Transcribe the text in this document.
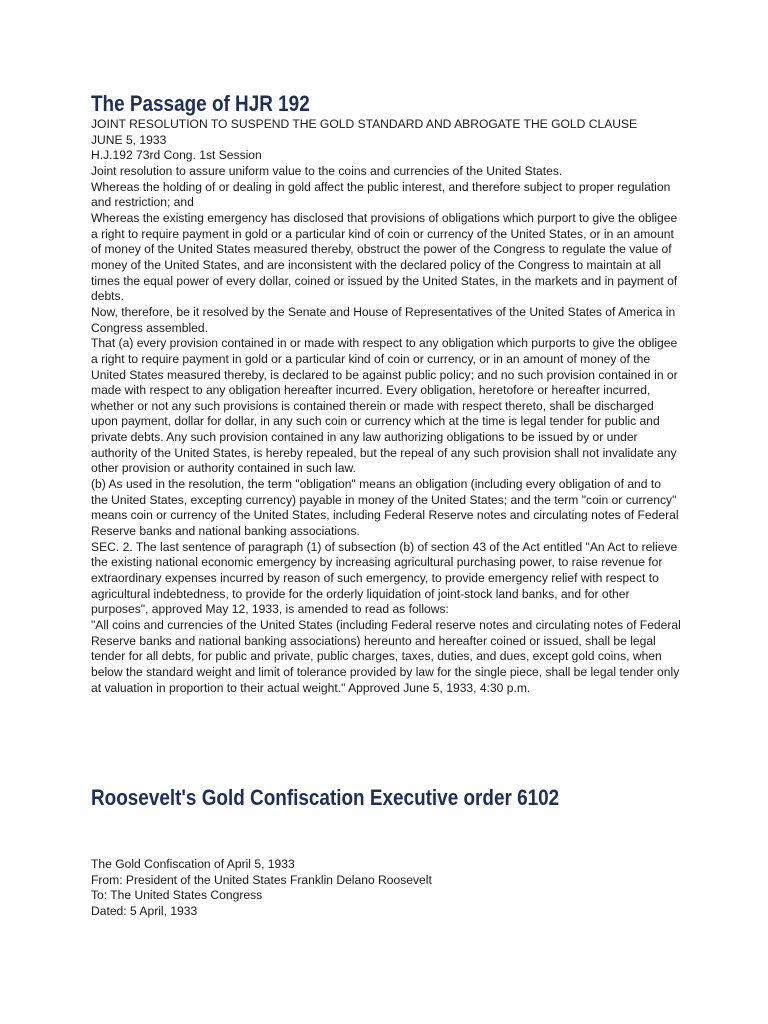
The Passage of HJR 192

JOINT RESOLUTION TO SUSPEND THE GOLD STANDARD AND ABROGATE THE GOLD CLAUSE

JUNE 5, 1933

H.J.192 73rd Cong. 1st Session

Joint resolution to assure uniform value to the coins and currencies of the United States.

Whereas the holding of or dealing in gold affect the public interest, and therefore subject to proper regulation and restriction; and

Whereas the existing emergency has disclosed that provisions of obligations which purport to give the obligee a right to require payment in gold or a particular kind of coin or currency of the United States, or in an amount of money of the United States measured thereby, obstruct the power of the Congress to regulate the value of money of the United States, and are inconsistent with the declared policy of the Congress to maintain at all times the equal power of every dollar, coined or issued by the United States, in the markets and in payment of debts.

Now, therefore, be it resolved by the Senate and House of Representatives of the United States of America in Congress assembled.

That (a) every provision contained in or made with respect to any obligation which purports to give the obligee a right to require payment in gold or a particular kind of coin or currency, or in an amount of money of the United States measured thereby, is declared to be against public policy; and no such provision contained in or made with respect to any obligation hereafter incurred. Every obligation, heretofore or hereafter incurred, whether or not any such provisions is contained therein or made with respect thereto, shall be discharged upon payment, dollar for dollar, in any such coin or currency which at the time is legal tender for public and private debts. Any such provision contained in any law authorizing obligations to be issued by or under authority of the United States, is hereby repealed, but the repeal of any such provision shall not invalidate any other provision or authority contained in such law.

(b) As used in the resolution, the term "obligation" means an obligation (including every obligation of and to the United States, excepting currency) payable in money of the United States; and the term "coin or currency" means coin or currency of the United States, including Federal Reserve notes and circulating notes of Federal Reserve banks and national banking associations.

SEC. 2. The last sentence of paragraph (1) of subsection (b) of section 43 of the Act entitled "An Act to relieve the existing national economic emergency by increasing agricultural purchasing power, to raise revenue for extraordinary expenses incurred by reason of such emergency, to provide emergency relief with respect to agricultural indebtedness, to provide for the orderly liquidation of joint-stock land banks, and for other purposes", approved May 12, 1933, is amended to read as follows:

"All coins and currencies of the United States (including Federal reserve notes and circulating notes of Federal Reserve banks and national banking associations) hereunto and hereafter coined or issued, shall be legal tender for all debts, for public and private, public charges, taxes, duties, and dues, except gold coins, when below the standard weight and limit of tolerance provided by law for the single piece, shall be legal tender only at valuation in proportion to their actual weight." Approved June 5, 1933, 4:30 p.m.

Roosevelt's Gold Confiscation Executive order 6102

The Gold Confiscation of April 5, 1933

From: President of the United States Franklin Delano Roosevelt

To: The United States Congress

Dated: 5 April, 1933
